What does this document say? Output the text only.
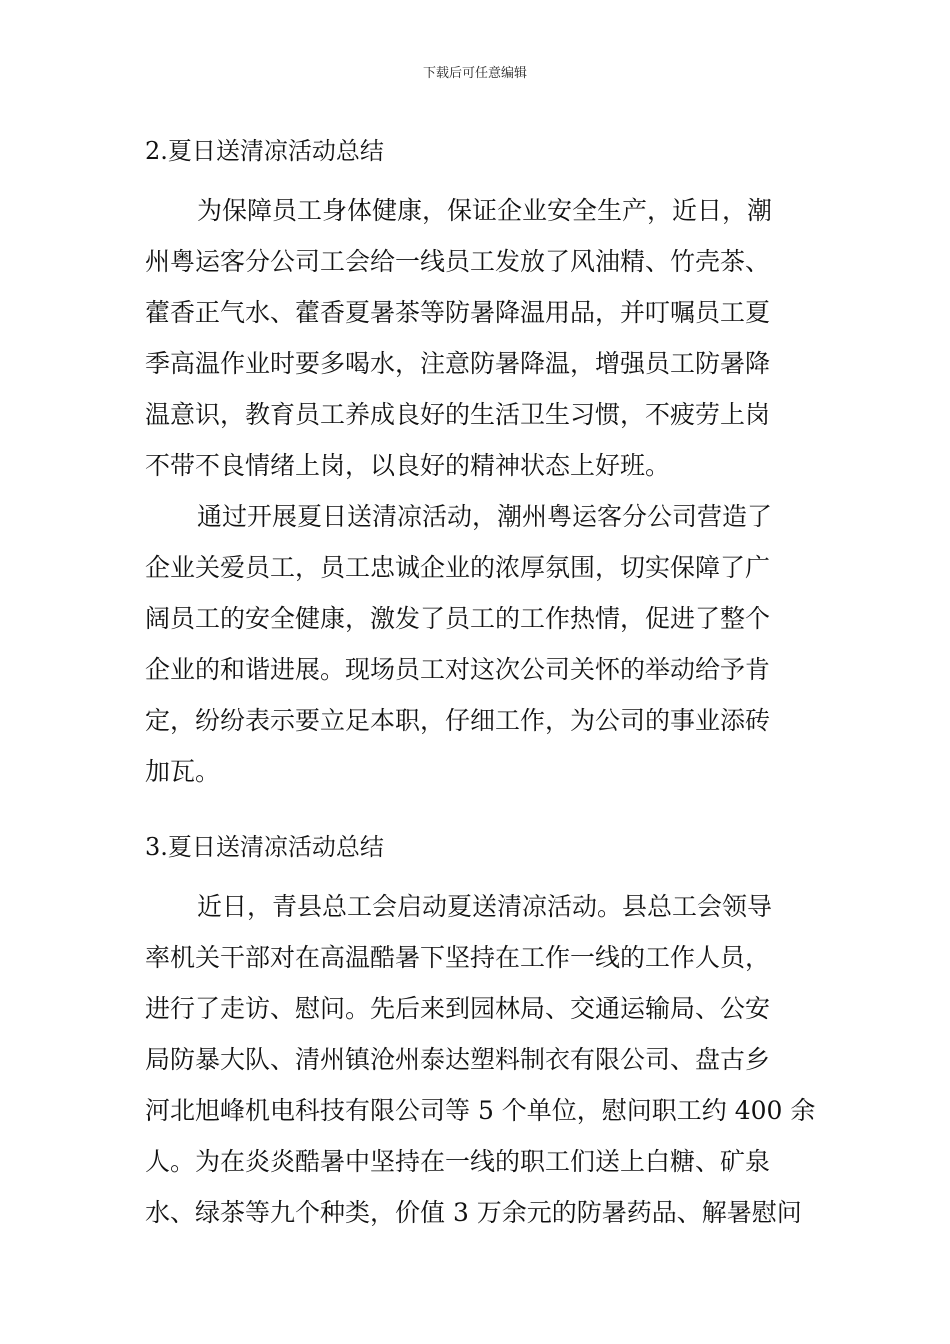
下载后可任意编辑
2.夏日送清凉活动总结

为保障员工身体健康，保证企业安全生产，近日，潮
州粤运客分公司工会给一线员工发放了风油精、竹壳茶、
藿香正气水、藿香夏暑茶等防暑降温用品，并叮嘱员工夏
季高温作业时要多喝水，注意防暑降温，增强员工防暑降
温意识，教育员工养成良好的生活卫生习惯，不疲劳上岗
不带不良情绪上岗，以良好的精神状态上好班。

通过开展夏日送清凉活动，潮州粤运客分公司营造了
企业关爱员工，员工忠诚企业的浓厚氛围，切实保障了广
阔员工的安全健康，激发了员工的工作热情，促进了整个
企业的和谐进展。现场员工对这次公司关怀的举动给予肯
定，纷纷表示要立足本职，仔细工作，为公司的事业添砖
加瓦。

3.夏日送清凉活动总结

近日，青县总工会启动夏送清凉活动。县总工会领导
率机关干部对在高温酷暑下坚持在工作一线的工作人员，
进行了走访、慰问。先后来到园林局、交通运输局、公安
局防暴大队、清州镇沧州泰达塑料制衣有限公司、盘古乡
河北旭峰机电科技有限公司等 5 个单位，慰问职工约 400 余
人。为在炎炎酷暑中坚持在一线的职工们送上白糖、矿泉
水、绿茶等九个种类，价值 3 万余元的防暑药品、解暑慰问
